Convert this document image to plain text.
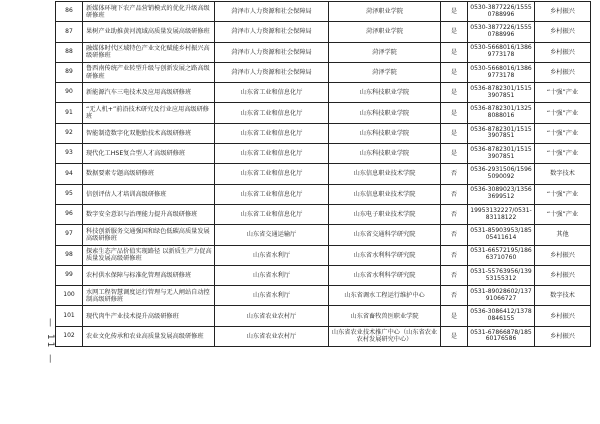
86	新媒体环境下农产品营销模式的优化升级高级研修班	菏泽市人力资源和社会保障局	菏泽职业学院	是	0530-3877226/15550788996	乡村振兴
87	果树产业助推黄河流域高质量发展高级研修班	菏泽市人力资源和社会保障局	菏泽职业学院	是	0530-3877226/15550788996	乡村振兴
88	融媒体时代区域特色产业文化赋能乡村振兴高级研修班	菏泽市人力资源和社会保障局	菏泽学院	是	0530-5668016/13869773178	乡村振兴
89	鲁西南传统产业转型升级与创新发展之路高级研修班	菏泽市人力资源和社会保障局	菏泽学院	是	0530-5668016/13869773178	乡村振兴
90	新能源汽车三电技术及应用高级研修班	山东省工业和信息化厅	山东科技职业学院	是	0536-8782301/15153907851	“十强”产业
91	“无人机+”前沿技术研究及行业应用高级研修班	山东省工业和信息化厅	山东科技职业学院	是	0536-8782301/13258088016	“十强”产业
92	智能制造数字化双胞胎技术高级研修班	山东省工业和信息化厅	山东科技职业学院	是	0536-8782301/15153907851	“十强”产业
93	现代化工HSE复合型人才高级研修班	山东省工业和信息化厅	山东科技职业学院	是	0536-8782301/15153907851	“十强”产业
94	数据要素专题高级研修班	山东省工业和信息化厅	山东信息职业技术学院	否	0536-2931506/15965090092	数字技术
95	信创评估人才培训高级研修班	山东省工业和信息化厅	山东信息职业技术学院	否	0536-3089023/13563699512	“十强”产业
96	数字安全意识与治理能力提升高级研修班	山东省工业和信息化厅	山东电子职业技术学院	否	19953132227/0531-83118122	“十强”产业
97	科技创新服务交通强国和绿色低碳高质量发展高级研修班	山东省交通运输厅	山东省交通科学研究院	否	0531-85903953/18505411614	其他
98	探索生态产品价值实现路径 以新质生产力促高质量发展高级研修班	山东省水利厅	山东省水利科学研究院	否	0531-66572195/18663710760	乡村振兴
99	农村供水保障与标准化管理高级研修班	山东省水利厅	山东省水利科学研究院	否	0531-55763956/13953155312	乡村振兴
100	水网工程智慧调度运行管理与无人闸站自动控制高级研修班	山东省水利厅	山东省调水工程运行维护中心	否	0531-89028602/13791066727	数字技术
101	现代肉牛产业技术提升高级研修班	山东省农业农村厅	山东省畜牧兽医职业学院	是	0536-3086412/13780846155	乡村振兴
102	农业文化传承和农业高质量发展高级研修班	山东省农业农村厅	山东省农业技术推广中心（山东省农业农村发展研究中心）	是	0531-67866878/18560176586	乡村振兴
— 11 —
